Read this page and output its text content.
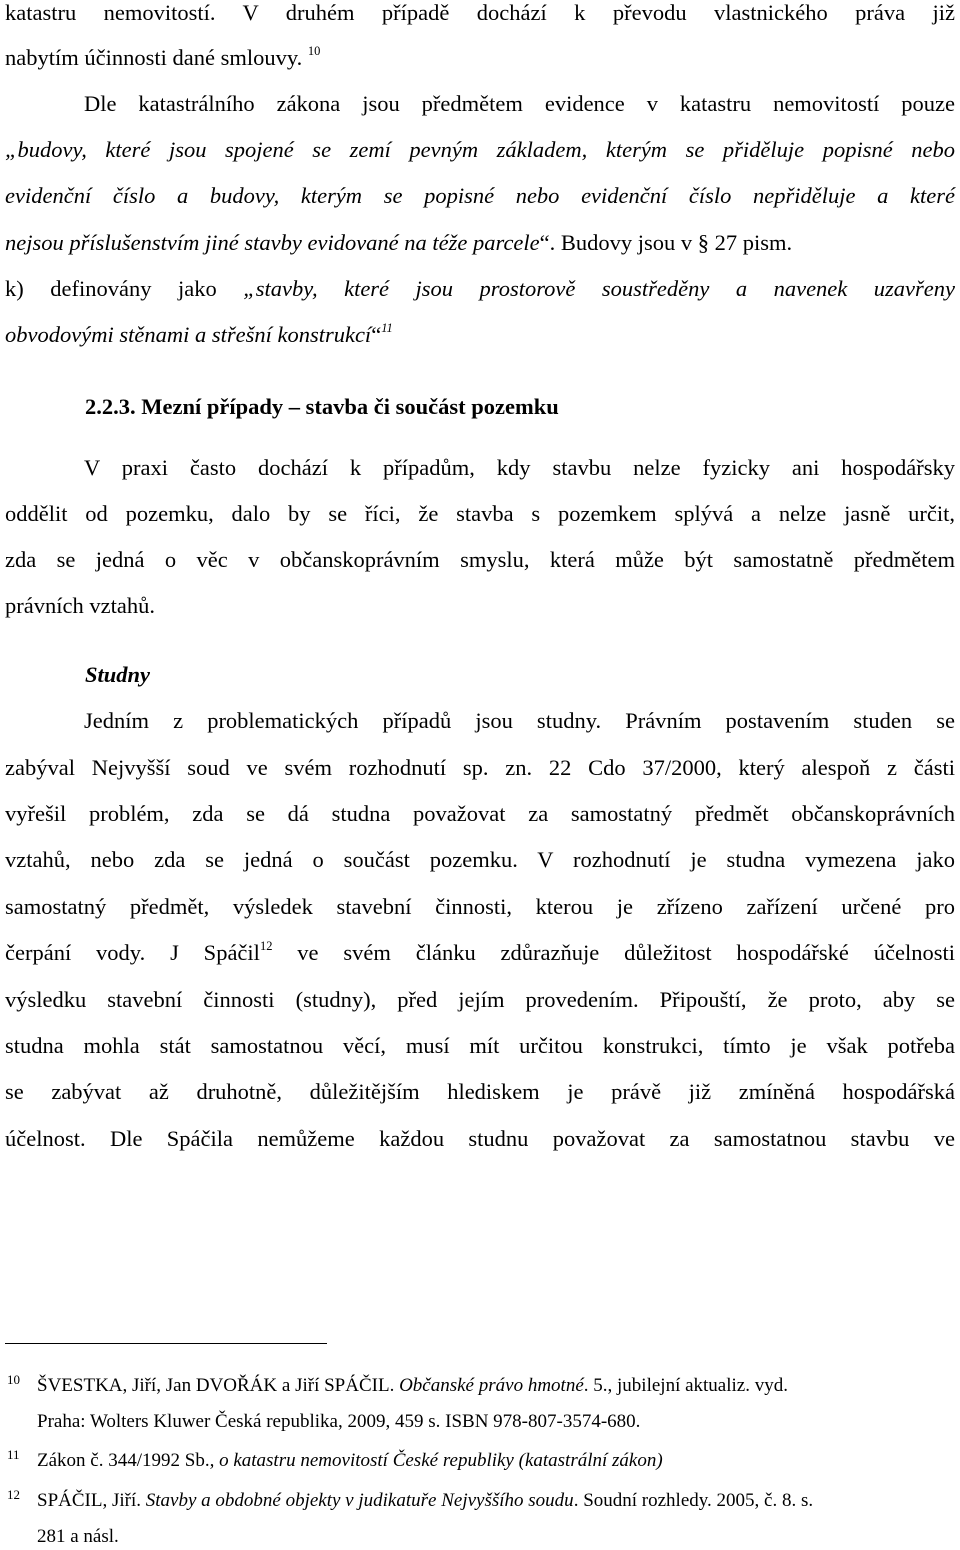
katastru nemovitostí. V druhém případě dochází k převodu vlastnického práva již
nabytím účinnosti dané smlouvy. $^{10}$
Dle katastrálního zákona jsou předmětem evidence v katastru nemovitostí pouze
„budovy, které jsou spojené se zemí pevným základem, kterým se přiděluje popisné nebo
evidenční číslo a budovy, kterým se popisné nebo evidenční číslo nepřiděluje a které
nejsou příslušenstvím jiné stavby evidované na téže parcele“. Budovy jsou v § 27 pism.
k) definovány jako „stavby, které jsou prostorově soustředěny a navenek uzavřeny
obvodovými stěnami a střešní konstrukcí“$^{11}$
2.2.3. Mezní případy – stavba či součást pozemku
V praxi často dochází k případům, kdy stavbu nelze fyzicky ani hospodářsky
oddělit od pozemku, dalo by se říci, že stavba s pozemkem splývá a nelze jasně určit,
zda se jedná o věc v občanskoprávním smyslu, která může být samostatně předmětem
právních vztahů.
Studny
Jedním z problematických případů jsou studny. Právním postavením studen se
zabýval Nejvyšší soud ve svém rozhodnutí sp. zn. 22 Cdo 37/2000, který alespoň z části
vyřešil problém, zda se dá studna považovat za samostatný předmět občanskoprávních
vztahů, nebo zda se jedná o součást pozemku. V rozhodnutí je studna vymezena jako
samostatný předmět, výsledek stavební činnosti, kterou je zřízeno zařízení určené pro
čerpání vody. J Spáčil$^{12}$ ve svém článku zdůrazňuje důležitost hospodářské účelnosti
výsledku stavební činnosti (studny), před jejím provedením. Připouští, že proto, aby se
studna mohla stát samostatnou věcí, musí mít určitou konstrukci, tímto je však potřeba
se zabývat až druhotně, důležitějším hlediskem je právě již zmíněná hospodářská
účelnost. Dle Spáčila nemůžeme každou studnu považovat za samostatnou stavbu ve
10 ŠVESTKA, Jiří, Jan DVOŘÁK a Jiří SPÁČIL. Občanské právo hmotné. 5., jubilejní aktualiz. vyd.
Praha: Wolters Kluwer Česká republika, 2009, 459 s. ISBN 978-807-3574-680.
11 Zákon č. 344/1992 Sb., o katastru nemovitostí České republiky (katastrální zákon)
12 SPÁČIL, Jiří. Stavby a obdobné objekty v judikatuře Nejvyššího soudu. Soudní rozhledy. 2005, č. 8. s.
281 a násl.
